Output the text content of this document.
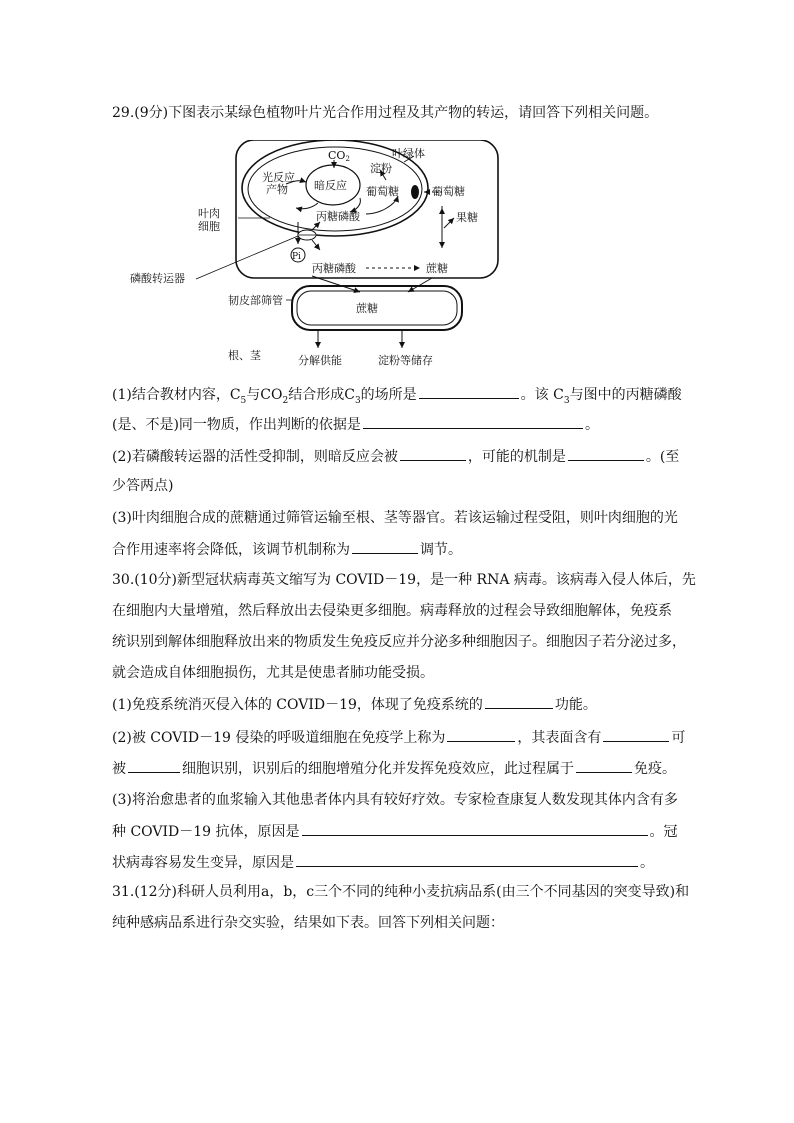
29.(9分)下图表示某绿色植物叶片光合作用过程及其产物的转运，请回答下列相关问题。
CO2	叶绿体
淀粉
光反应
产物 暗反应 葡萄糖	葡萄糖
丙糖磷酸	果糖
叶肉
细胞
Pi
丙糖磷酸	蔗糖
磷酸转运器
韧皮部筛管
蔗糖
根、茎	分解供能	淀粉等储存
(1)结合教材内容，$C_5$与$CO_2$结合形成$C_3$的场所是	。该 $C_3$与图中的丙糖磷酸
(是、不是)同一物质，作出判断的依据是	。
(2)若磷酸转运器的活性受抑制，则暗反应会被	，可能的机制是	。(至
少答两点)
(3)叶肉细胞合成的蔗糖通过筛管运输至根、茎等器官。若该运输过程受阻，则叶肉细胞的光
合作用速率将会降低，该调节机制称为	调节。
30.(10分)新型冠状病毒英文缩写为 COVID－19，是一种 RNA 病毒。该病毒入侵人体后，先
在细胞内大量增殖，然后释放出去侵染更多细胞。病毒释放的过程会导致细胞解体，免疫系
统识别到解体细胞释放出来的物质发生免疫反应并分泌多种细胞因子。细胞因子若分泌过多，
就会造成自体细胞损伤，尤其是使患者肺功能受损。
(1)免疫系统消灭侵入体的 COVID－19，体现了免疫系统的	功能。
(2)被 COVID－19 侵染的呼吸道细胞在免疫学上称为	，其表面含有	可
被	细胞识别，识别后的细胞增殖分化并发挥免疫效应，此过程属于	免疫。
(3)将治愈患者的血浆输入其他患者体内具有较好疗效。专家检查康复人数发现其体内含有多
种 COVID－19 抗体，原因是	。冠
状病毒容易发生变异，原因是	。
31.(12分)科研人员利用a，b，c三个不同的纯种小麦抗病品系(由三个不同基因的突变导致)和
纯种感病品系进行杂交实验，结果如下表。回答下列相关问题：
